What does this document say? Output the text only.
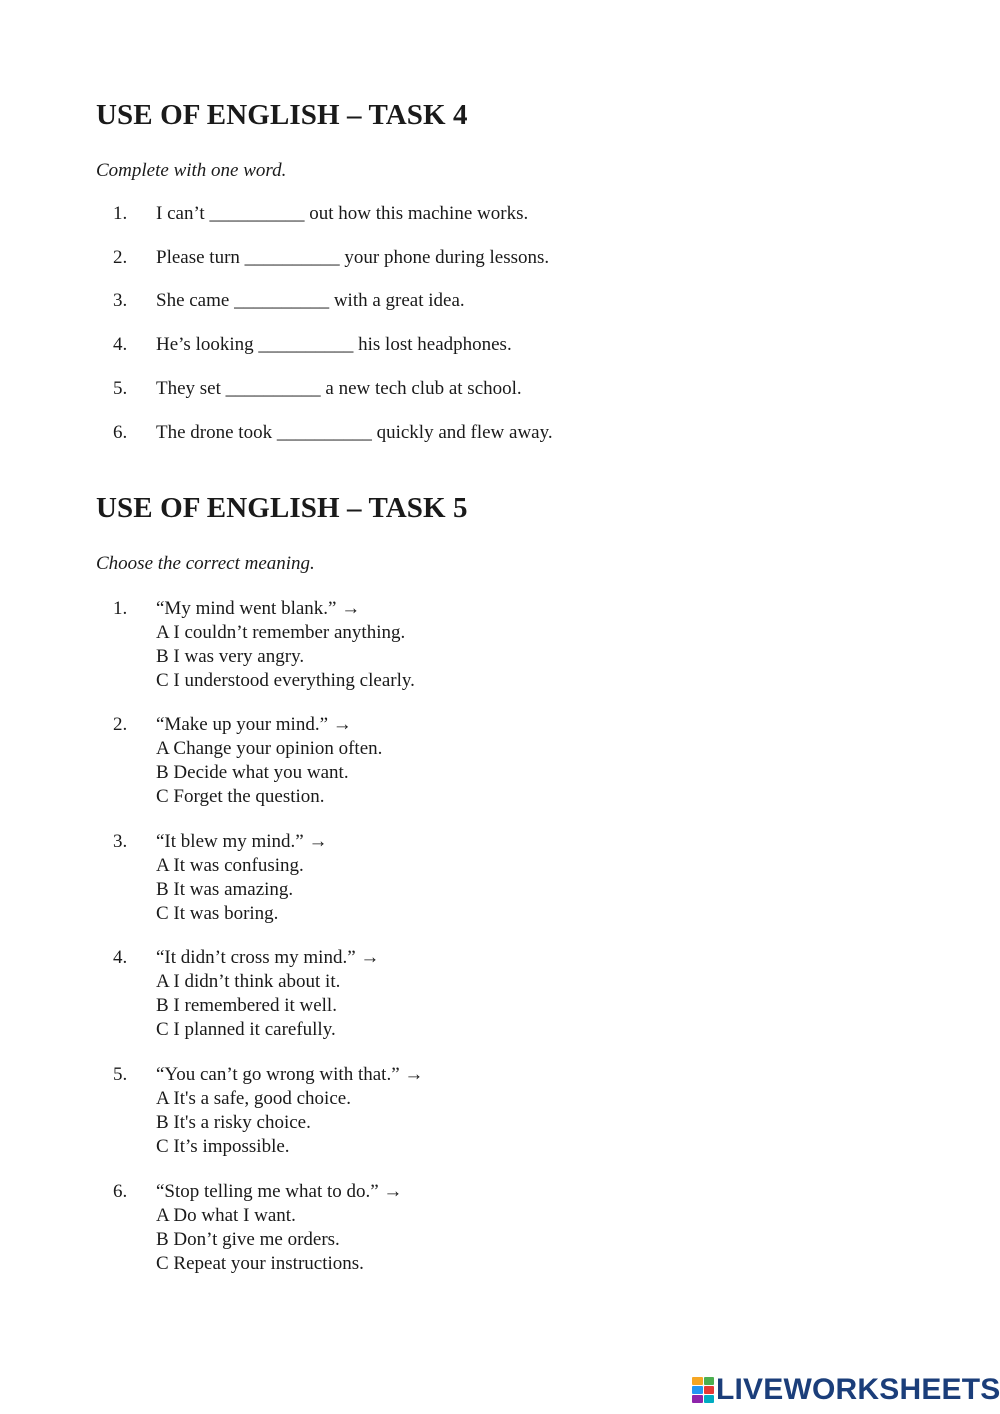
USE OF ENGLISH – TASK 4

Complete with one word.

1.	I can’t __________ out how this machine works.
2.	Please turn __________ your phone during lessons.
3.	She came __________ with a great idea.
4.	He’s looking __________ his lost headphones.
5.	They set __________ a new tech club at school.
6.	The drone took __________ quickly and flew away.
USE OF ENGLISH – TASK 5

Choose the correct meaning.

1.	“My mind went blank.” →
A I couldn’t remember anything.
B I was very angry.
C I understood everything clearly.
2.	“Make up your mind.” →
A Change your opinion often.
B Decide what you want.
C Forget the question.
3.	“It blew my mind.” →
A It was confusing.
B It was amazing.
C It was boring.
4.	“It didn’t cross my mind.” →
A I didn’t think about it.
B I remembered it well.
C I planned it carefully.
5.	“You can’t go wrong with that.” →
A It's a safe, good choice.
B It's a risky choice.
C It’s impossible.
6.	“Stop telling me what to do.” →
A Do what I want.
B Don’t give me orders.
C Repeat your instructions.
LIVEWORKSHEETS
